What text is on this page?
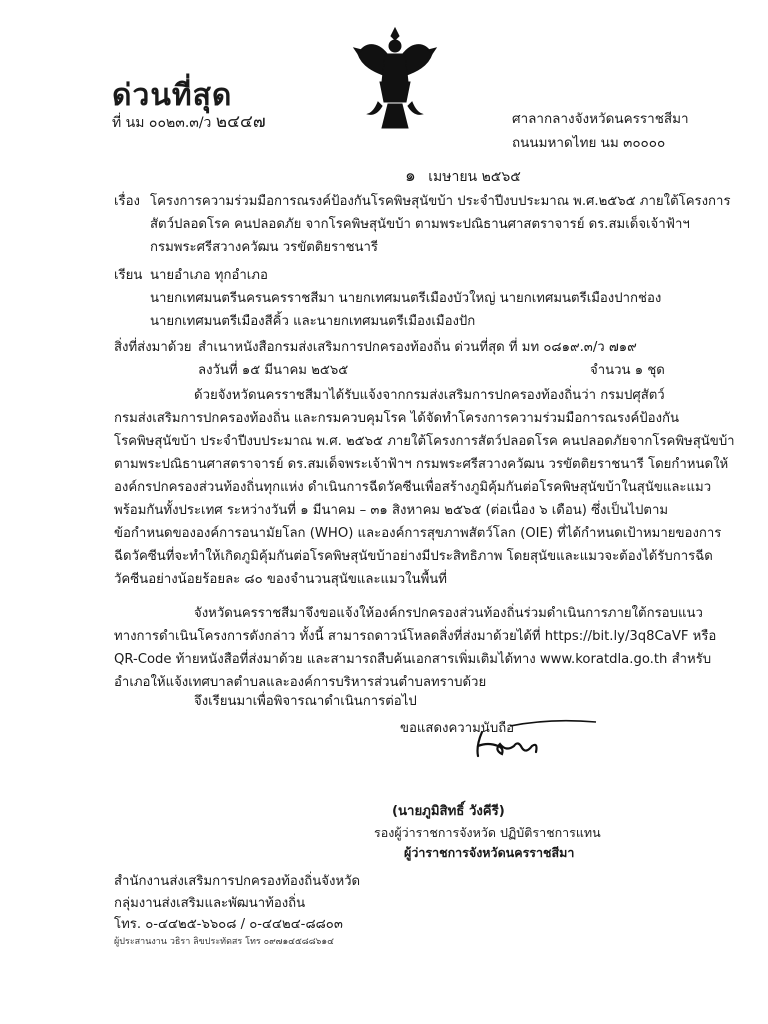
ด่วนที่สุด
ที่ นม ๐๐๒๓.๓/ว ๒๔๔๗	ศาลากลางจังหวัดนครราชสีมา
ถนนมหาดไทย นม ๓๐๐๐๐
๑ เมษายน ๒๕๖๕
เรื่อง โครงการความร่วมมือการณรงค์ป้องกันโรคพิษสุนัขบ้า ประจำปีงบประมาณ พ.ศ.๒๕๖๕ ภายใต้โครงการ
สัตว์ปลอดโรค คนปลอดภัย จากโรคพิษสุนัขบ้า ตามพระปณิธานศาสตราจารย์ ดร.สมเด็จเจ้าฟ้าฯ
กรมพระศรีสวางควัฒน วรขัตติยราชนารี
เรียน นายอำเภอ ทุกอำเภอ
นายกเทศมนตรีนครนครราชสีมา นายกเทศมนตรีเมืองบัวใหญ่ นายกเทศมนตรีเมืองปากช่อง
นายกเทศมนตรีเมืองสีคิ้ว และนายกเทศมนตรีเมืองเมืองปัก
สิ่งที่ส่งมาด้วย สำเนาหนังสือกรมส่งเสริมการปกครองท้องถิ่น ด่วนที่สุด ที่ มท ๐๘๑๙.๓/ว ๗๑๙
ลงวันที่ ๑๕ มีนาคม ๒๕๖๕	จำนวน ๑ ชุด
ด้วยจังหวัดนครราชสีมาได้รับแจ้งจากกรมส่งเสริมการปกครองท้องถิ่นว่า กรมปศุสัตว์
กรมส่งเสริมการปกครองท้องถิ่น และกรมควบคุมโรค ได้จัดทำโครงการความร่วมมือการณรงค์ป้องกัน
โรคพิษสุนัขบ้า ประจำปีงบประมาณ พ.ศ. ๒๕๖๕ ภายใต้โครงการสัตว์ปลอดโรค คนปลอดภัยจากโรคพิษสุนัขบ้า
ตามพระปณิธานศาสตราจารย์ ดร.สมเด็จพระเจ้าฟ้าฯ กรมพระศรีสวางควัฒน วรขัตติยราชนารี โดยกำหนดให้
องค์กรปกครองส่วนท้องถิ่นทุกแห่ง ดำเนินการฉีดวัคซีนเพื่อสร้างภูมิคุ้มกันต่อโรคพิษสุนัขบ้าในสุนัขและแมว
พร้อมกันทั้งประเทศ ระหว่างวันที่ ๑ มีนาคม – ๓๑ สิงหาคม ๒๕๖๕ (ต่อเนื่อง ๖ เดือน) ซึ่งเป็นไปตาม
ข้อกำหนดขององค์การอนามัยโลก (WHO) และองค์การสุขภาพสัตว์โลก (OIE) ที่ได้กำหนดเป้าหมายของการ
ฉีดวัคซีนที่จะทำให้เกิดภูมิคุ้มกันต่อโรคพิษสุนัขบ้าอย่างมีประสิทธิภาพ โดยสุนัขและแมวจะต้องได้รับการฉีด
วัคซีนอย่างน้อยร้อยละ ๘๐ ของจำนวนสุนัขและแมวในพื้นที่
จังหวัดนครราชสีมาจึงขอแจ้งให้องค์กรปกครองส่วนท้องถิ่นร่วมดำเนินการภายใต้กรอบแนว
ทางการดำเนินโครงการดังกล่าว ทั้งนี้ สามารถดาวน์โหลดสิ่งที่ส่งมาด้วยได้ที่ https://bit.ly/3q8CaVF หรือ
QR-Code ท้ายหนังสือที่ส่งมาด้วย และสามารถสืบค้นเอกสารเพิ่มเติมได้ทาง www.koratdla.go.th สำหรับ
อำเภอให้แจ้งเทศบาลตำบลและองค์การบริหารส่วนตำบลทราบด้วย
จึงเรียนมาเพื่อพิจารณาดำเนินการต่อไป
ขอแสดงความนับถือ
(นายภูมิสิทธิ์ วังคีรี)
รองผู้ว่าราชการจังหวัด ปฏิบัติราชการแทน
ผู้ว่าราชการจังหวัดนครราชสีมา
สำนักงานส่งเสริมการปกครองท้องถิ่นจังหวัด
กลุ่มงานส่งเสริมและพัฒนาท้องถิ่น
โทร. ๐-๔๔๒๕-๖๖๐๘ / ๐-๔๔๒๔-๘๘๐๓
ผู้ประสานงาน วธิรา ลิขประทัดสร โทร ๐๙๗๑๔๕๘๘๖๑๔
